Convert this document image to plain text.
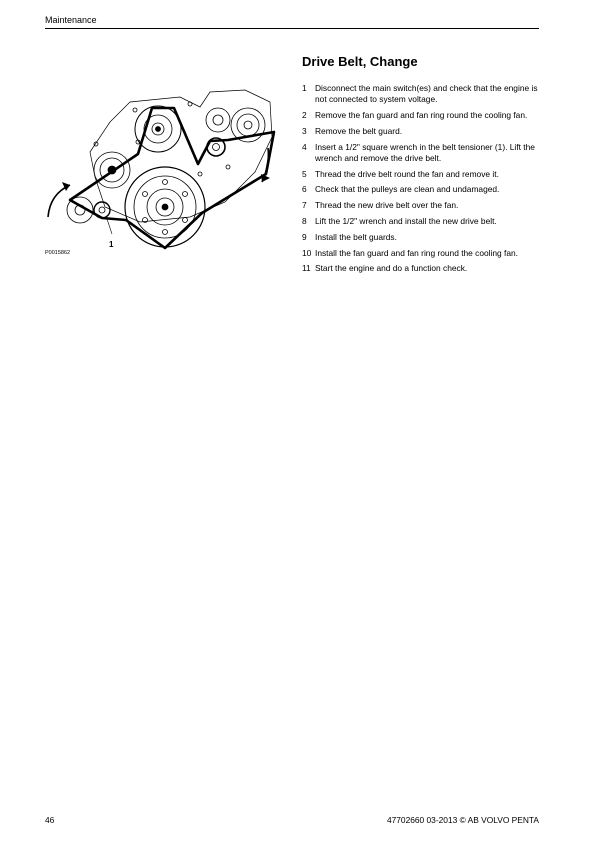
Maintenance
P0015862
1
Drive Belt, Change
1 Disconnect the main switch(es) and check that the engine is not connected to system voltage.
2 Remove the fan guard and fan ring round the cooling fan.
3 Remove the belt guard.
4 Insert a 1/2" square wrench in the belt tensioner (1). Lift the wrench and remove the drive belt.
5 Thread the drive belt round the fan and remove it.
6 Check that the pulleys are clean and undamaged.
7 Thread the new drive belt over the fan.
8 Lift the 1/2" wrench and install the new drive belt.
9 Install the belt guards.
10 Install the fan guard and fan ring round the cooling fan.
11 Start the engine and do a function check.
46	47702660 03-2013 © AB VOLVO PENTA
